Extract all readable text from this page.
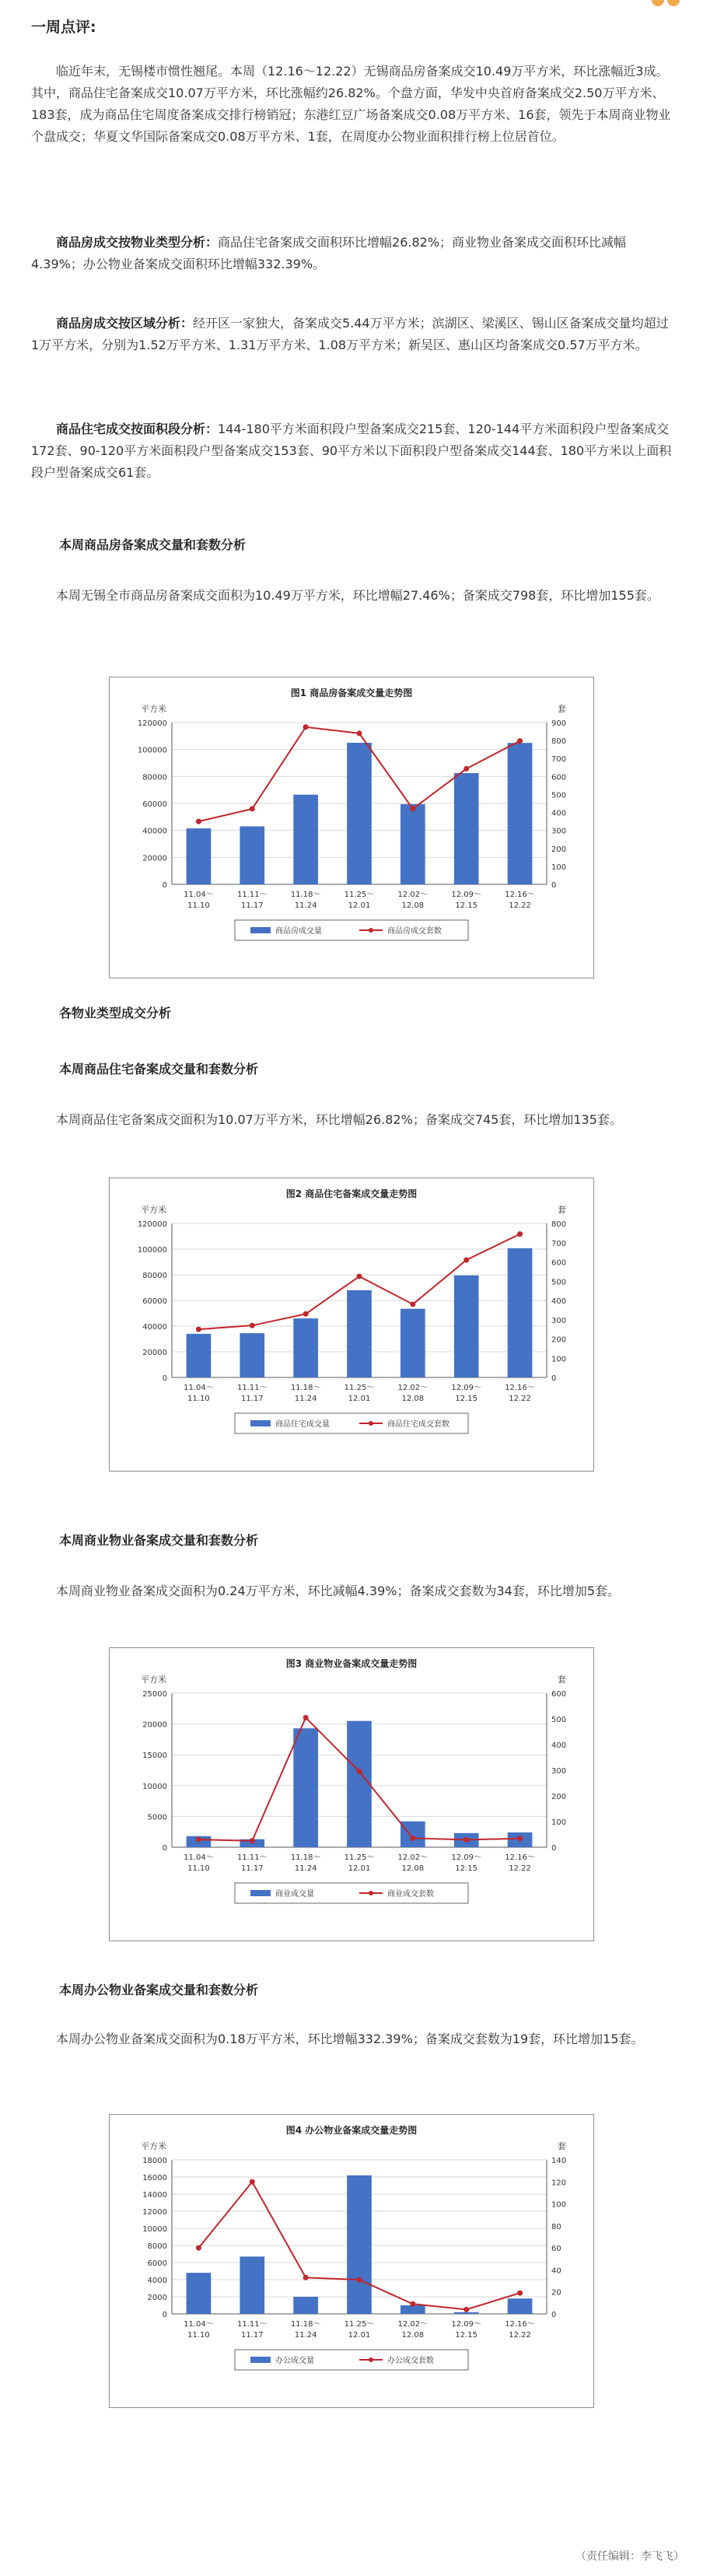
一周点评:

临近年末，无锡楼市惯性翘尾。本周（12.16～12.22）无锡商品房备案成交10.49万平方米，环比涨幅近3成。其中，商品住宅备案成交10.07万平方米，环比涨幅约26.82%。个盘方面，华发中央首府备案成交2.50万平方米、183套，成为商品住宅周度备案成交排行榜销冠；东港红豆广场备案成交0.08万平方米、16套，领先于本周商业物业个盘成交；华夏文华国际备案成交0.08万平方米、1套，在周度办公物业面积排行榜上位居首位。

商品房成交按物业类型分析：商品住宅备案成交面积环比增幅26.82%；商业物业备案成交面积环比减幅4.39%；办公物业备案成交面积环比增幅332.39%。

商品房成交按区域分析：经开区一家独大，备案成交5.44万平方米；滨湖区、梁溪区、锡山区备案成交量均超过1万平方米，分别为1.52万平方米、1.31万平方米、1.08万平方米；新吴区、惠山区均备案成交0.57万平方米。

商品住宅成交按面积段分析：144-180平方米面积段户型备案成交215套、120-144平方米面积段户型备案成交172套、90-120平方米面积段户型备案成交153套、90平方米以下面积段户型备案成交144套、180平方米以上面积段户型备案成交61套。

本周商品房备案成交量和套数分析

本周无锡全市商品房备案成交面积为10.49万平方米，环比增幅27.46%；备案成交798套，环比增加155套。

图1 商品房备案成交量走势图
平方米	套
0
20000
40000
60000
80000
100000
120000
0
100
200
300
400
500
600
700
800
900
11.04～
11.10
11.11～
11.17
11.18～
11.24
11.25～
12.01
12.02～
12.08
12.09～
12.15
12.16～
12.22
商品房成交量	商品房成交套数
各物业类型成交分析
本周商品住宅备案成交量和套数分析

本周商品住宅备案成交面积为10.07万平方米，环比增幅26.82%；备案成交745套，环比增加135套。

图2 商品住宅备案成交量走势图
平方米	套
0
20000
40000
60000
80000
100000
120000
0
100
200
300
400
500
600
700
800
11.04～
11.10
11.11～
11.17
11.18～
11.24
11.25～
12.01
12.02～
12.08
12.09～
12.15
12.16～
12.22
商品住宅成交量	商品住宅成交套数
本周商业物业备案成交量和套数分析

本周商业物业备案成交面积为0.24万平方米，环比减幅4.39%；备案成交套数为34套，环比增加5套。

图3 商业物业备案成交量走势图
平方米	套
0
5000
10000
15000
20000
25000
0
100
200
300
400
500
600
11.04～
11.10
11.11～
11.17
11.18～
11.24
11.25～
12.01
12.02～
12.08
12.09～
12.15
12.16～
12.22
商业成交量	商业成交套数
本周办公物业备案成交量和套数分析

本周办公物业备案成交面积为0.18万平方米，环比增幅332.39%；备案成交套数为19套，环比增加15套。

图4 办公物业备案成交量走势图
平方米	套
0
2000
4000
6000
8000
10000
12000
14000
16000
18000
0
20
40
60
80
100
120
140
11.04～
11.10
11.11～
11.17
11.18～
11.24
11.25～
12.01
12.02～
12.08
12.09～
12.15
12.16～
12.22
办公成交量	办公成交套数
（责任编辑：李飞飞）
